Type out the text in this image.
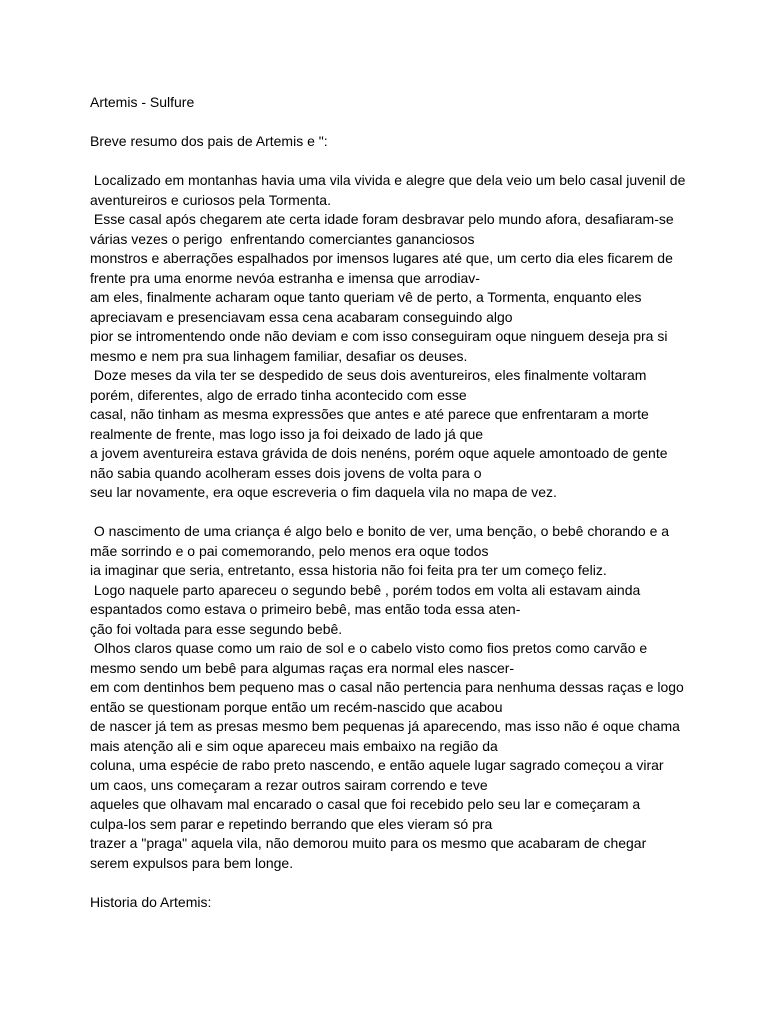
Artemis - Sulfure
Breve resumo dos pais de Artemis e ":
Localizado em montanhas havia uma vila vivida e alegre que dela veio um belo casal juvenil de
aventureiros e curiosos pela Tormenta.
Esse casal após chegarem ate certa idade foram desbravar pelo mundo afora, desafiaram-se
várias vezes o perigo  enfrentando comerciantes gananciosos
monstros e aberrações espalhados por imensos lugares até que, um certo dia eles ficarem de
frente pra uma enorme nevóa estranha e imensa que arrodiav-
am eles, finalmente acharam oque tanto queriam vê de perto, a Tormenta, enquanto eles
apreciavam e presenciavam essa cena acabaram conseguindo algo
pior se intromentendo onde não deviam e com isso conseguiram oque ninguem deseja pra si
mesmo e nem pra sua linhagem familiar, desafiar os deuses.
Doze meses da vila ter se despedido de seus dois aventureiros, eles finalmente voltaram
porém, diferentes, algo de errado tinha acontecido com esse
casal, não tinham as mesma expressões que antes e até parece que enfrentaram a morte
realmente de frente, mas logo isso ja foi deixado de lado já que
a jovem aventureira estava grávida de dois nenéns, porém oque aquele amontoado de gente
não sabia quando acolheram esses dois jovens de volta para o
seu lar novamente, era oque escreveria o fim daquela vila no mapa de vez.
O nascimento de uma criança é algo belo e bonito de ver, uma benção, o bebê chorando e a
mãe sorrindo e o pai comemorando, pelo menos era oque todos
ia imaginar que seria, entretanto, essa historia não foi feita pra ter um começo feliz.
Logo naquele parto apareceu o segundo bebê , porém todos em volta ali estavam ainda
espantados como estava o primeiro bebê, mas então toda essa aten-
ção foi voltada para esse segundo bebê.
Olhos claros quase como um raio de sol e o cabelo visto como fios pretos como carvão e
mesmo sendo um bebê para algumas raças era normal eles nascer-
em com dentinhos bem pequeno mas o casal não pertencia para nenhuma dessas raças e logo
então se questionam porque então um recém-nascido que acabou
de nascer já tem as presas mesmo bem pequenas já aparecendo, mas isso não é oque chama
mais atenção ali e sim oque apareceu mais embaixo na região da
coluna, uma espécie de rabo preto nascendo, e então aquele lugar sagrado começou a virar
um caos, uns começaram a rezar outros sairam correndo e teve
aqueles que olhavam mal encarado o casal que foi recebido pelo seu lar e começaram a
culpa-los sem parar e repetindo berrando que eles vieram só pra
trazer a "praga" aquela vila, não demorou muito para os mesmo que acabaram de chegar
serem expulsos para bem longe.
Historia do Artemis:
